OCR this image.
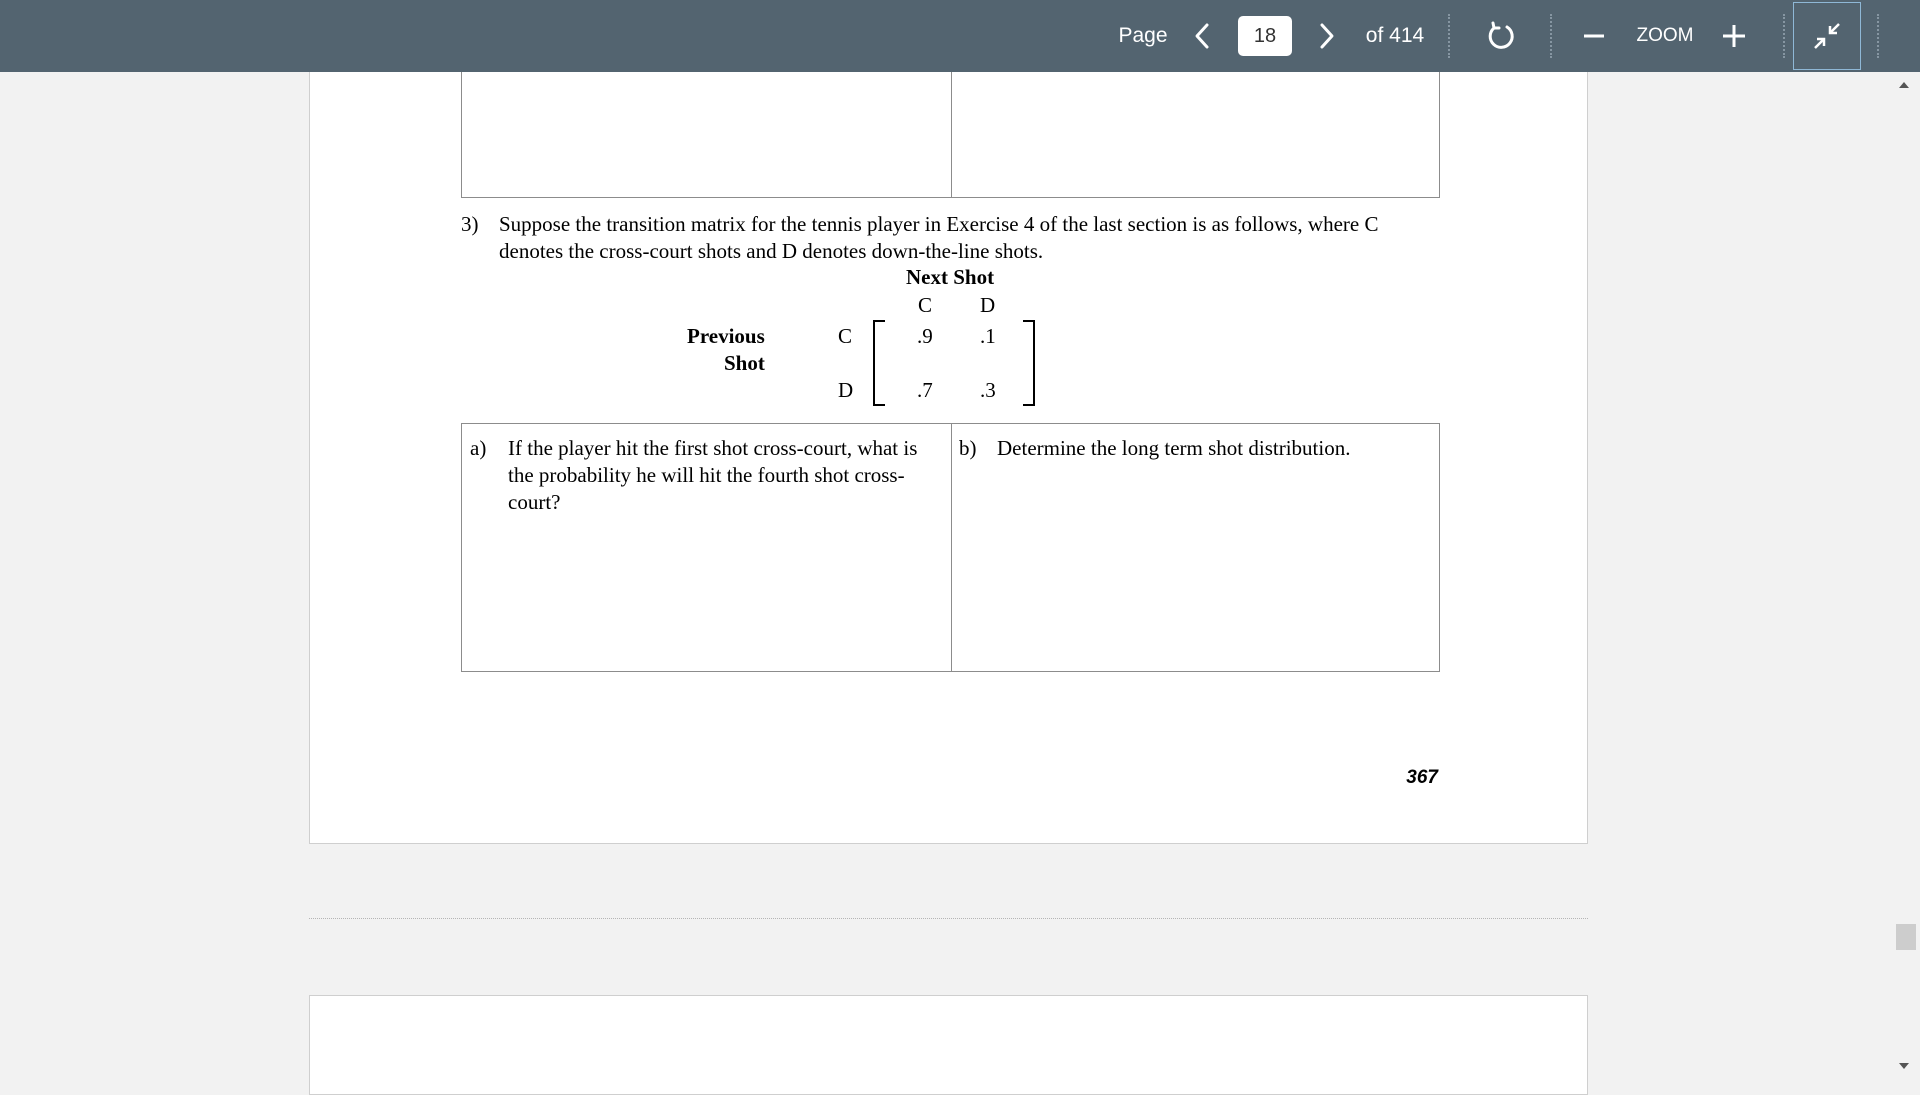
Page
18	of 414	ZOOM
3) Suppose the transition matrix for the tennis player in Exercise 4 of the last section is as follows, where C denotes the cross-court shots and D denotes down-the-line shots.
Next Shot
C D
Previous
Shot
C
D
.9 .1
.7 .3
a) If the player hit the first shot cross-court, what is the probability he will hit the fourth shot cross-court?
b) Determine the long term shot distribution.
367
